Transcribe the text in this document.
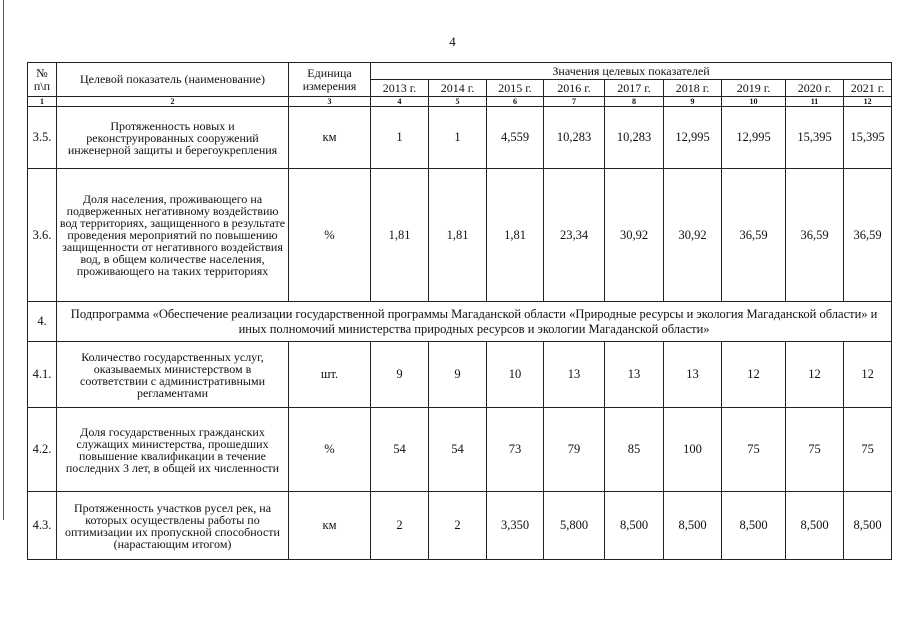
4
№ п\п	Целевой показатель (наименование)	Единица измерения	Значения целевых показателей								
			2013 г.	2014 г.	2015 г.	2016 г.	2017 г.	2018 г.	2019 г.	2020 г.	2021 г.
1	2	3	4	5	6	7	8	9	10	11	12
3.5.	Протяженность новых и реконструированных сооружений инженерной защиты и берегоукрепления	км	1	1	4,559	10,283	10,283	12,995	12,995	15,395	15,395
3.6.	Доля населения, проживающего на подверженных негативному воздействию вод территориях, защищенного в результате проведения мероприятий по повышению защищенности от негативного воздействия вод, в общем количестве населения, проживающего на таких территориях	%	1,81	1,81	1,81	23,34	30,92	30,92	36,59	36,59	36,59
4.	Подпрограмма «Обеспечение реализации государственной программы Магаданской области «Природные ресурсы и экология Магаданской области» и иных полномочий министерства природных ресурсов и экологии Магаданской области»										
4.1.	Количество государственных услуг, оказываемых министерством в соответствии с административными регламентами	шт.	9	9	10	13	13	13	12	12	12
4.2.	Доля государственных гражданских служащих министерства, прошедших повышение квалификации в течение последних 3 лет, в общей их численности	%	54	54	73	79	85	100	75	75	75
4.3.	Протяженность участков русел рек, на которых осуществлены работы по оптимизации их пропускной способности (нарастающим итогом)	км	2	2	3,350	5,800	8,500	8,500	8,500	8,500	8,500
